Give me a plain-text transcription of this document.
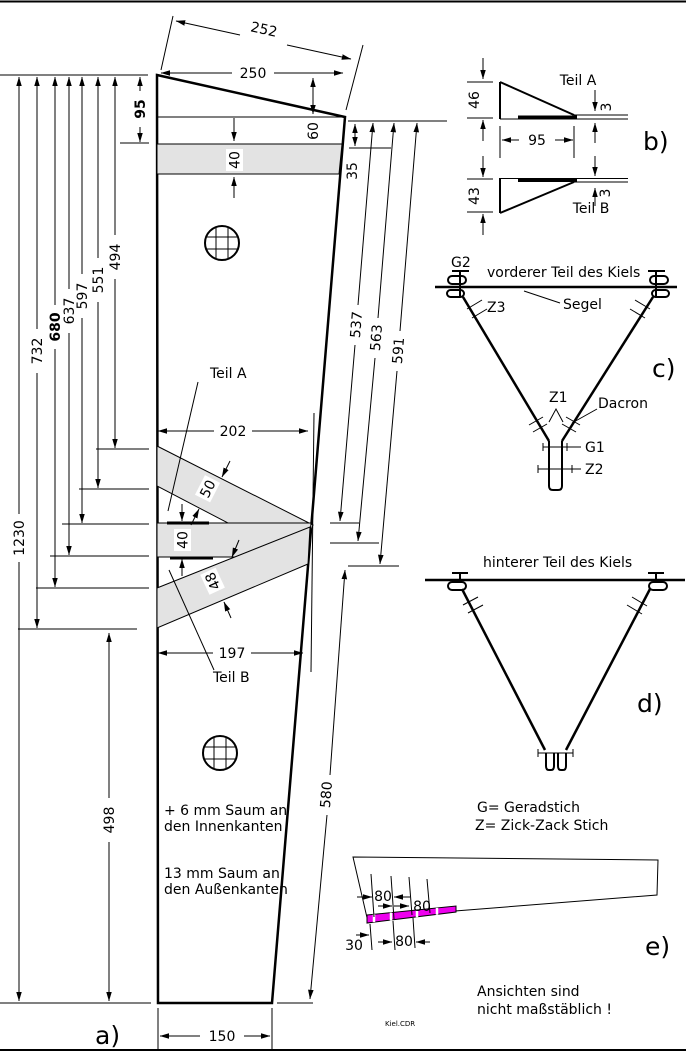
95
494
551
597
637
680
732
1230
498
252
250
60
40
35
537 563 591
580
202
197
50
40
48
Teil A
Teil B
+ 6 mm Saum an
den Innenkanten
13 mm Saum an
den Außenkanten
150
a)
Teil A
46	3
95	b)
43	3
Teil B
G2
vorderer Teil des Kiels
Z3	Segel
Z1 Dacron
G1
Z2
c)
hinterer Teil des Kiels
d)
G= Geradstich
Z= Zick-Zack Stich
80
80
30 80	e)
Ansichten sind
nicht maßstäblich !
Kiel.CDR
